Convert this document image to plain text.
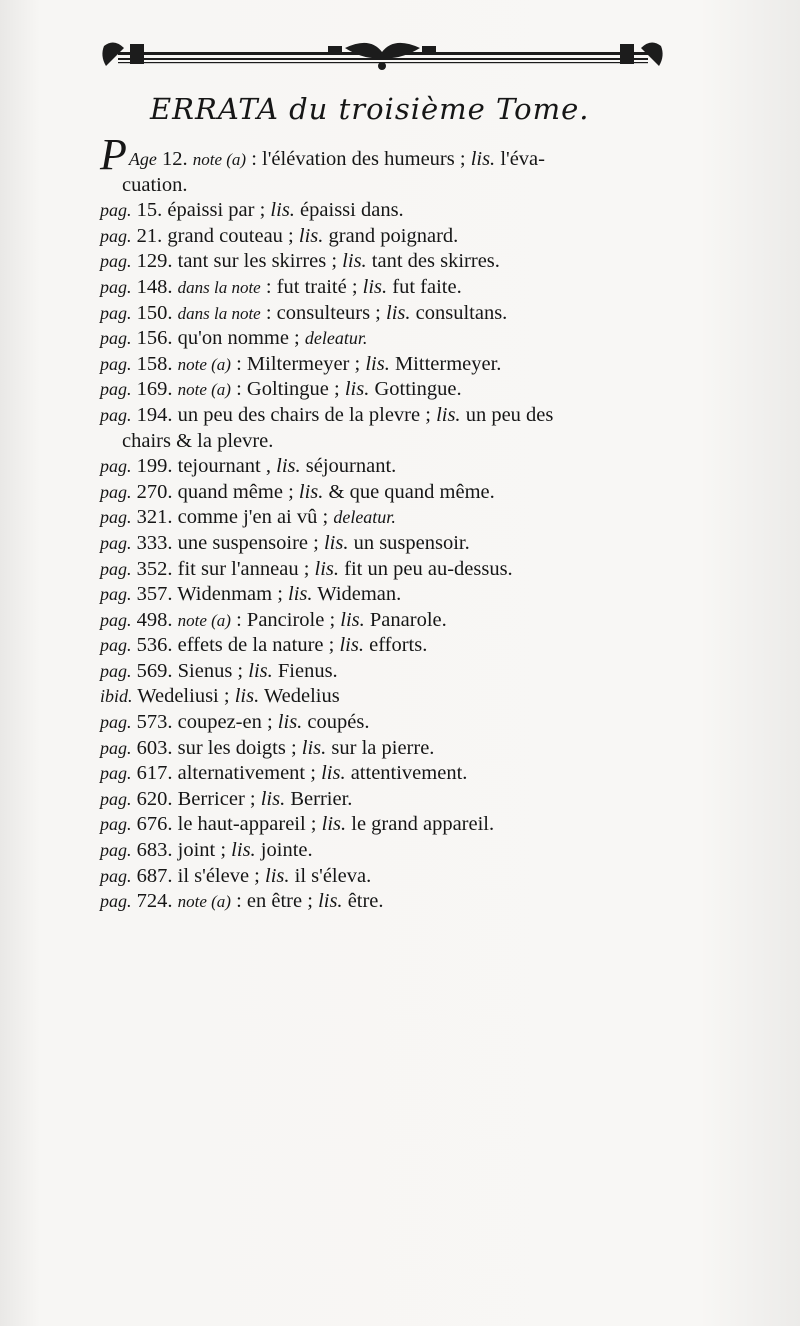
ERRATA du troisième Tome.
P Age 12. note (a) : l'élévation des humeurs ; lis. l'éva-
cuation.
pag. 15. épaissi par ; lis. épaissi dans.
pag. 21. grand couteau ; lis. grand poignard.
pag. 129. tant sur les skirres ; lis. tant des skirres.
pag. 148. dans la note : fut traité ; lis. fut faite.
pag. 150. dans la note : consulteurs ; lis. consultans.
pag. 156. qu'on nomme ; deleatur.
pag. 158. note (a) : Miltermeyer ; lis. Mittermeyer.
pag. 169. note (a) : Goltingue ; lis. Gottingue.
pag. 194. un peu des chairs de la plevre ; lis. un peu des
chairs & la plevre.
pag. 199. tejournant , lis. séjournant.
pag. 270. quand même ; lis. & que quand même.
pag. 321. comme j'en ai vû ; deleatur.
pag. 333. une suspensoire ; lis. un suspensoir.
pag. 352. fit sur l'anneau ; lis. fit un peu au-dessus.
pag. 357. Widenmam ; lis. Wideman.
pag. 498. note (a) : Pancirole ; lis. Panarole.
pag. 536. effets de la nature ; lis. efforts.
pag. 569. Sienus ; lis. Fienus.
ibid. Wedeliusi ; lis. Wedelius
pag. 573. coupez-en ; lis. coupés.
pag. 603. sur les doigts ; lis. sur la pierre.
pag. 617. alternativement ; lis. attentivement.
pag. 620. Berricer ; lis. Berrier.
pag. 676. le haut-appareil ; lis. le grand appareil.
pag. 683. joint ; lis. jointe.
pag. 687. il s'éleve ; lis. il s'éleva.
pag. 724. note (a) : en être ; lis. être.
